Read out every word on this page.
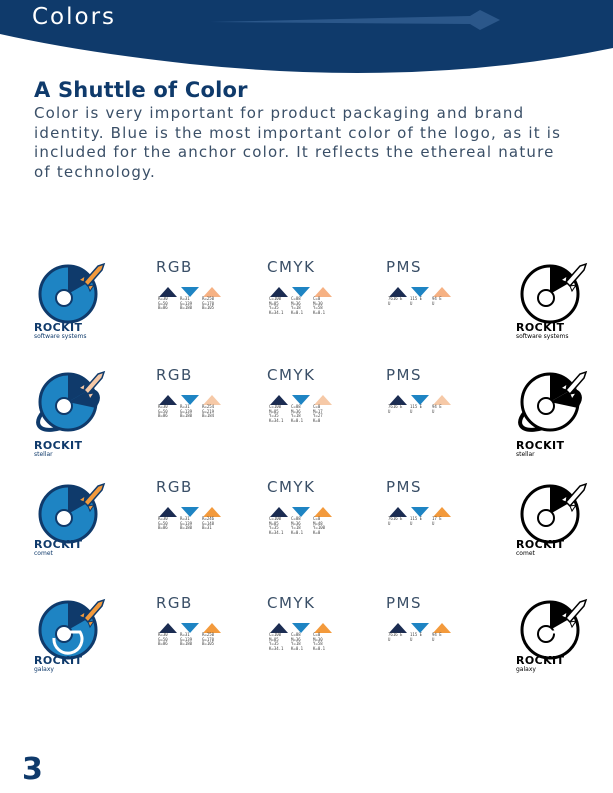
Colors
A Shuttle of Color
Color is very important for product packaging and brand identity. Blue is the most important color of the logo, as it is included for the anchor color. It reflects the ethereal nature of technology.
ROCKIT
software systems
RGB
R=30
G=50
B=86
R=31
G=139
B=180
R=250
G=170
B=105
CMYK
C=100
M=85
Y=35
K=34.1
C=88
M=36
Y=18
K=0.1
C=0
M=30
Y=58
K=0.1
PMS
7616 E
U
115 E
U
94 E
U
ROCKIT
software systems
ROCKIT
stellar
RGB
R=30
G=50
B=86
R=31
G=139
B=180
R=254
G=219
B=184
CMYK
C=100
M=85
Y=35
K=34.1
C=88
M=36
Y=18
K=0.1
C=0
M=17
Y=27
K=0
PMS
7616 E
U
115 E
U
94 E
U
ROCKIT
stellar
ROCKIT
comet
RGB
R=30
G=50
B=86
R=31
G=139
B=180
R=246
G=148
B=31
CMYK
C=100
M=85
Y=35
K=34.1
C=88
M=36
Y=18
K=0.1
C=0
M=48
Y=100
K=0
PMS
7616 E
U
115 E
U
17 E
U
ROCKIT
comet
ROCKIT
galaxy
RGB
R=30
G=50
B=86
R=31
G=139
B=180
R=250
G=170
B=105
CMYK
C=100
M=85
Y=35
K=34.1
C=88
M=36
Y=18
K=0.1
C=0
M=30
Y=58
K=0.1
PMS
7616 E
U
115 E
U
94 E
U
ROCKIT
galaxy
3
